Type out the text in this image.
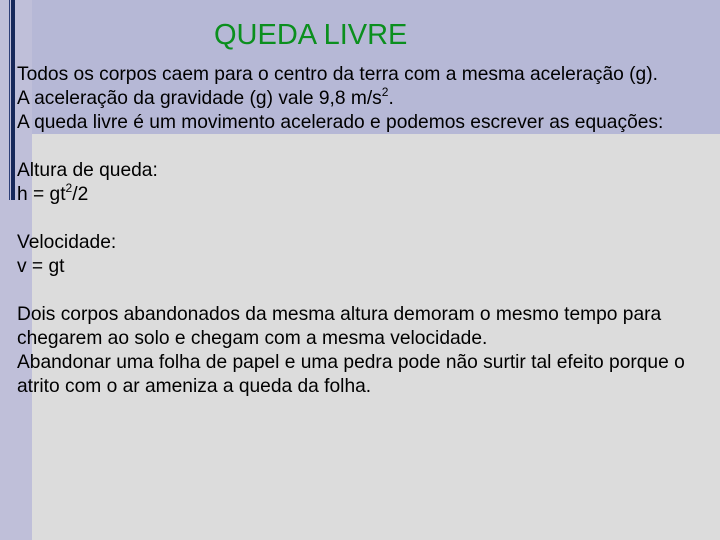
QUEDA LIVRE

Todos os corpos caem para o centro da terra com a mesma aceleração (g).

A aceleração da gravidade (g) vale 9,8 $m/s^2$.

A queda livre é um movimento acelerado e podemos escrever as equações:

Altura de queda:

$h = gt^2/2$

Velocidade:

v = gt

Dois corpos abandonados da mesma altura demoram o mesmo tempo para chegarem ao solo e chegam com a mesma velocidade.

Abandonar uma folha de papel e uma pedra pode não surtir tal efeito porque o atrito com o ar ameniza a queda da folha.
